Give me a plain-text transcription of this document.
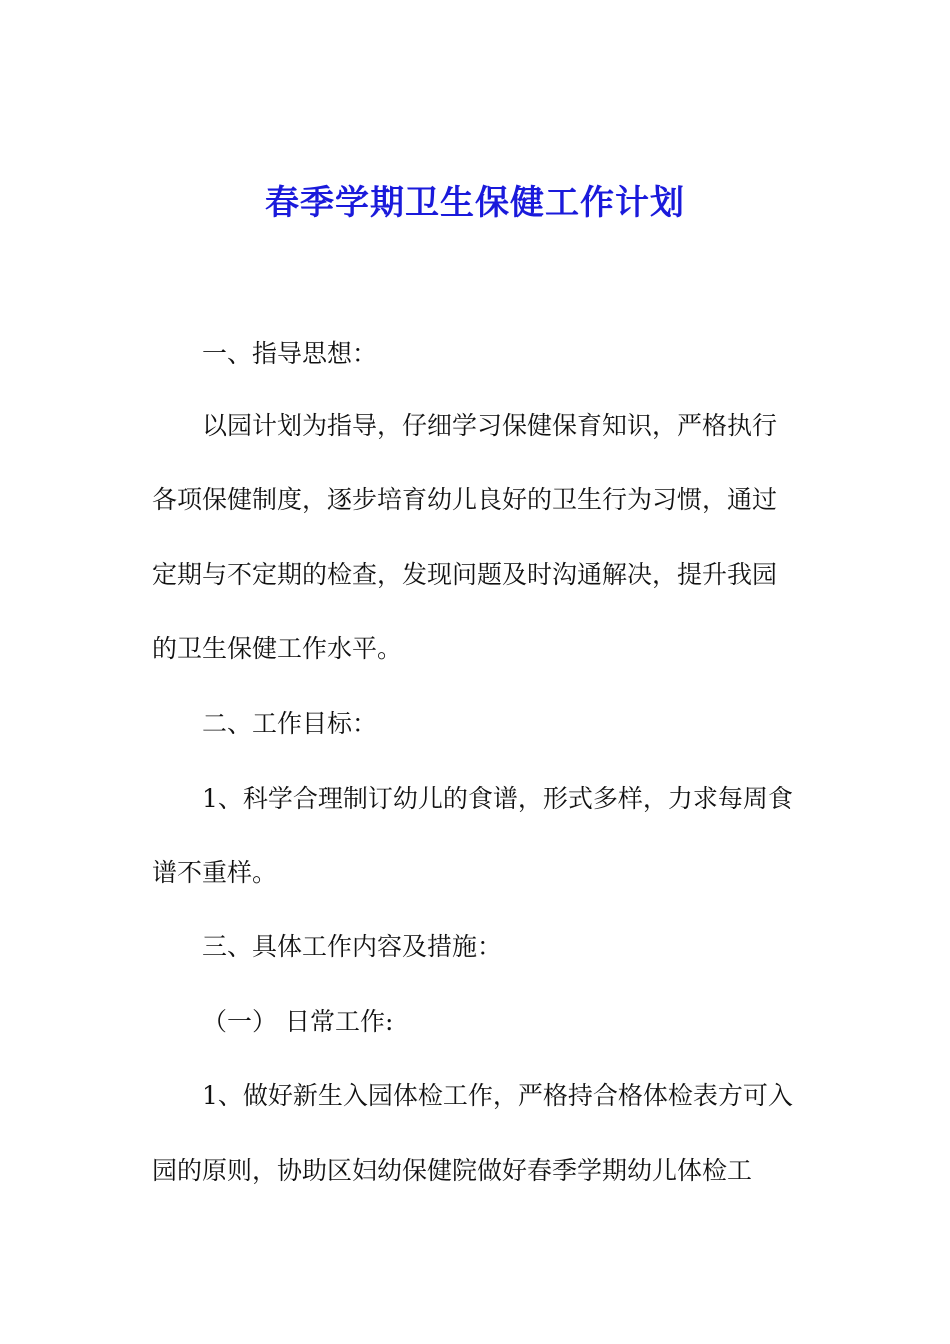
春季学期卫生保健工作计划

一、指导思想：

以园计划为指导，仔细学习保健保育知识，严格执行

各项保健制度，逐步培育幼儿良好的卫生行为习惯，通过

定期与不定期的检查，发现问题及时沟通解决，提升我园

的卫生保健工作水平。

二、工作目标：

1、科学合理制订幼儿的食谱，形式多样，力求每周食

谱不重样。

三、具体工作内容及措施：

（一） 日常工作:

1、做好新生入园体检工作，严格持合格体检表方可入

园的原则，协助区妇幼保健院做好春季学期幼儿体检工
